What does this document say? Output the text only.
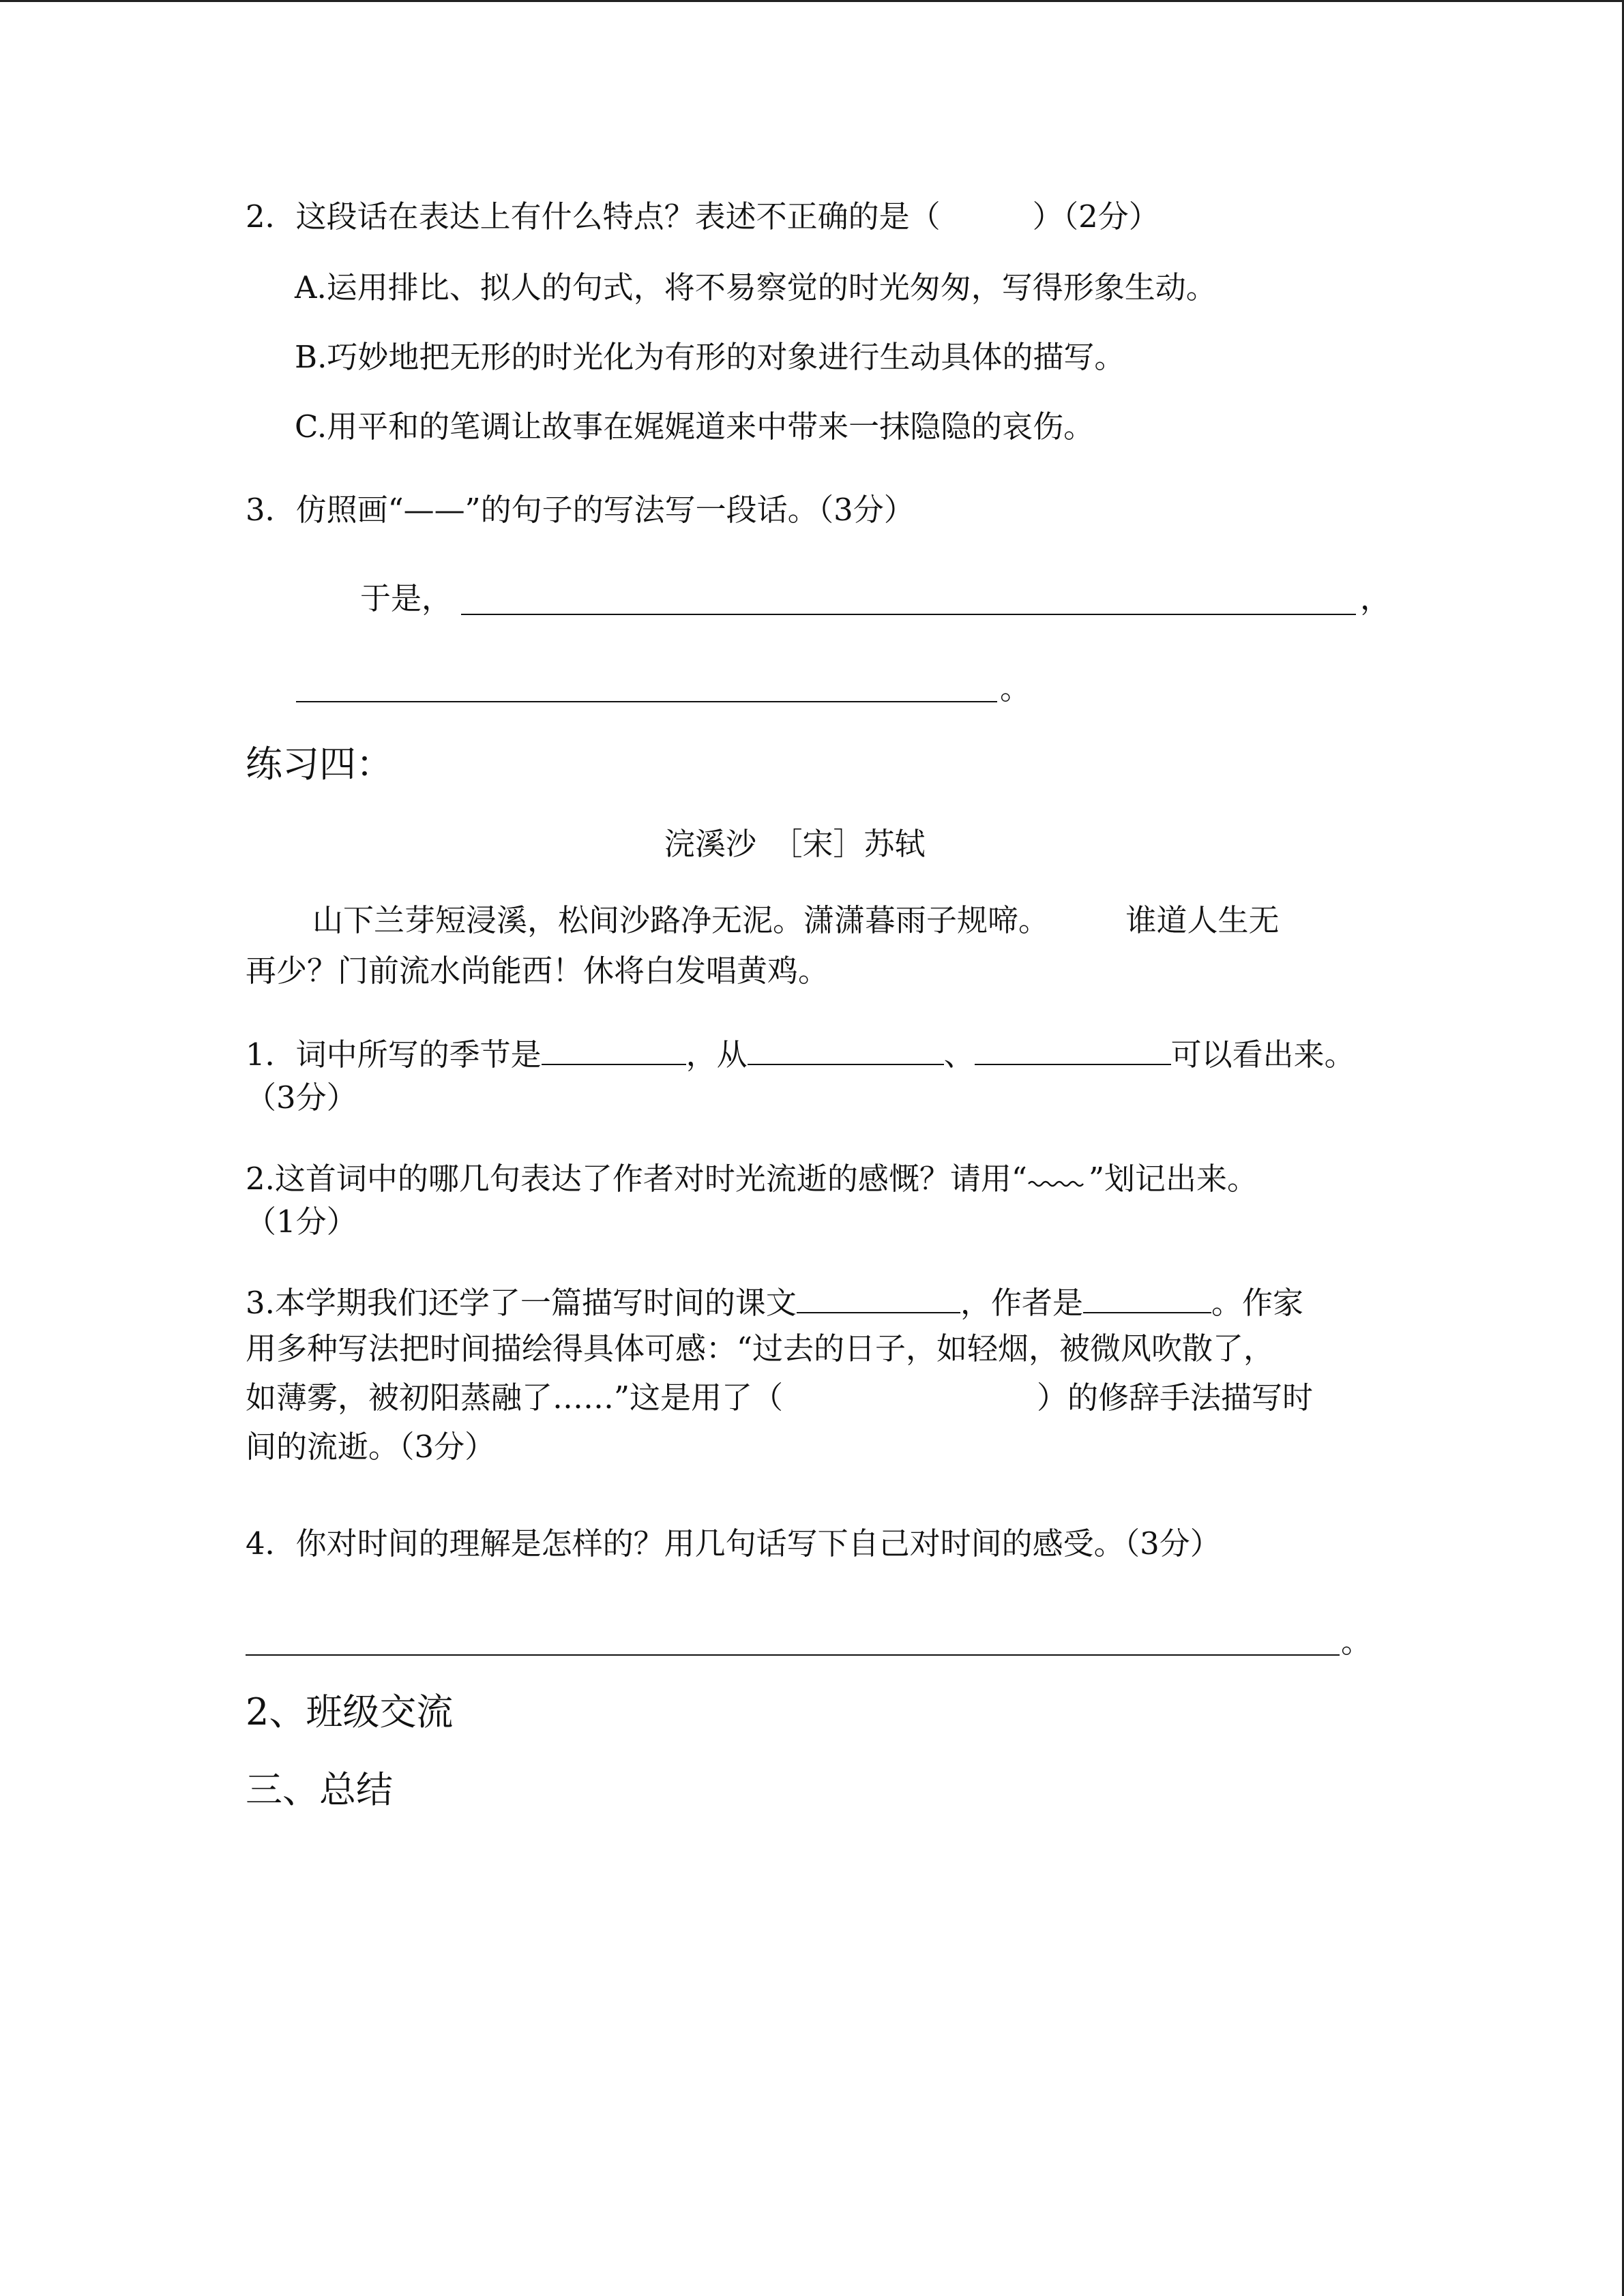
2．这段话在表达上有什么特点？表述不正确的是（　　　）（2分）
A.运用排比、拟人的句式，将不易察觉的时光匆匆，写得形象生动。
B.巧妙地把无形的时光化为有形的对象进行生动具体的描写。
C.用平和的笔调让故事在娓娓道来中带来一抹隐隐的哀伤。
3．仿照画“——”的句子的写法写一段话。（3分）
于是，	，
。
练习四：
浣溪沙　［宋］苏轼
山下兰芽短浸溪，松间沙路净无泥。潇潇暮雨子规啼。　　　谁道人生无
再少？门前流水尚能西！休将白发唱黄鸡。
1．词中所写的季节是	，从	、	可以看出来。
（3分）
2.这首词中的哪几句表达了作者对时光流逝的感慨？请用“ ”划记出来。
（1分）
3.本学期我们还学了一篇描写时间的课文	，作者是	。作家
用多种写法把时间描绘得具体可感：“过去的日子，如轻烟，被微风吹散了，
如薄雾，被初阳蒸融了……”这是用了（	）的修辞手法描写时
间的流逝。（3分）
4．你对时间的理解是怎样的？用几句话写下自己对时间的感受。（3分）
。
2、班级交流
三、总结
